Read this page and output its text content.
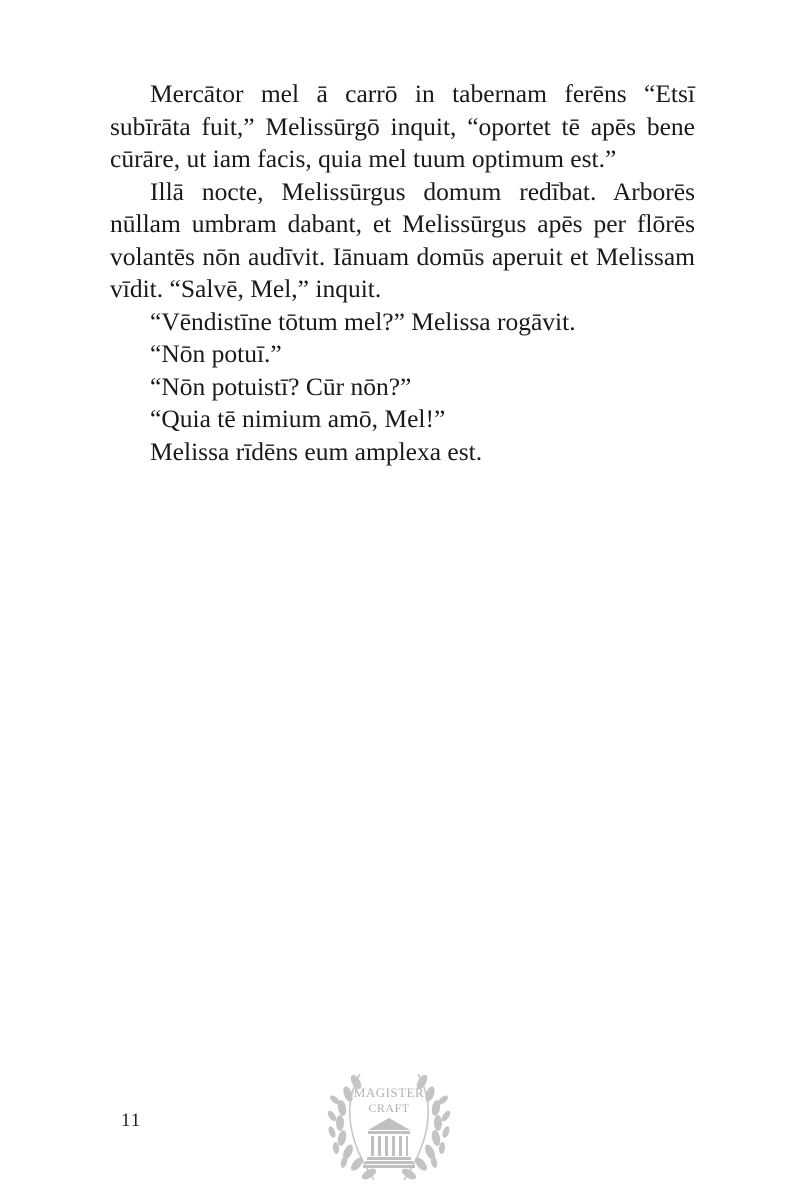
Mercātor mel ā carrō in tabernam ferēns “Etsī subīrāta fuit,” Melissūrgō inquit, “oportet tē apēs bene cūrāre, ut iam facis, quia mel tuum optimum est.”

Illā nocte, Melissūrgus domum redībat. Arborēs nūllam umbram dabant, et Melissūrgus apēs per flōrēs volantēs nōn audīvit. Iānuam domūs aperuit et Melissam vīdit. “Salvē, Mel,” inquit.

“Vēndistīne tōtum mel?” Melissa rogāvit.

“Nōn potuī.”

“Nōn potuistī? Cūr nōn?”

“Quia tē nimium amō, Mel!”

Melissa rīdēns eum amplexa est.

11
MAGISTER
CRAFT
